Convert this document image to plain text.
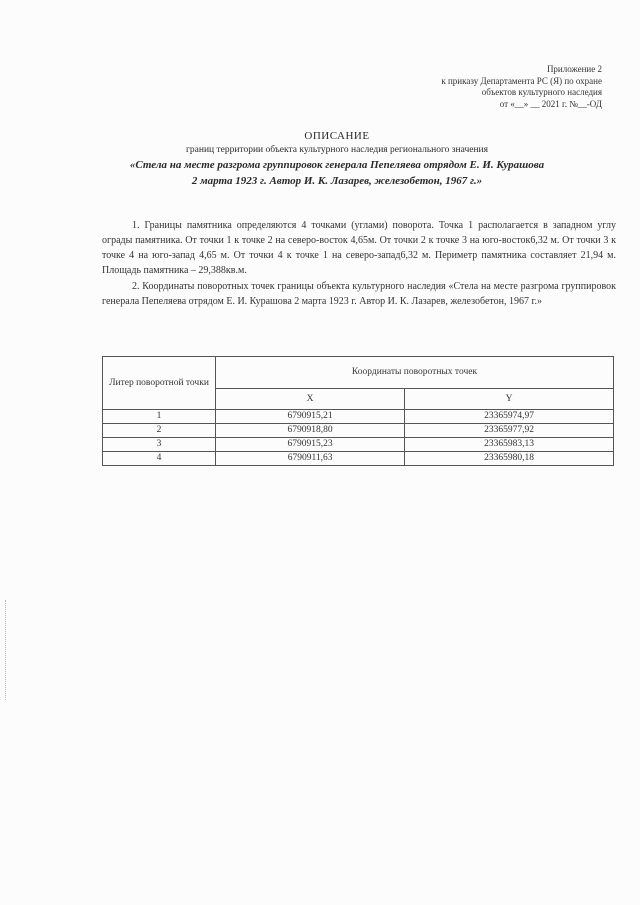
Приложение 2
к приказу Департамента РС (Я) по охране
объектов культурного наследия
от «__» __ 2021 г. №__-ОД
ОПИСАНИЕ
границ территории объекта культурного наследия регионального значения
«Стела на месте разгрома группировок генерала Пепеляева отрядом Е. И. Курашова
2 марта 1923 г. Автор И. К. Лазарев, железобетон, 1967 г.»

1. Границы памятника определяются 4 точками (углами) поворота. Точка 1 располагается в западном углу ограды памятника. От точки 1 к точке 2 на северо-восток 4,65м. От точки 2 к точке 3 на юго-восток6,32 м. От точки 3 к точке 4 на юго-запад 4,65 м. От точки 4 к точке 1 на северо-запад6,32 м. Периметр памятника составляет 21,94 м. Площадь памятника – 29,388кв.м.

2. Координаты поворотных точек границы объекта культурного наследия «Стела на месте разгрома группировок генерала Пепеляева отрядом Е. И. Курашова 2 марта 1923 г. Автор И. К. Лазарев, железобетон, 1967 г.»

Литер поворотной точки	Координаты поворотных точек	
	X	Y
1	6790915,21	23365974,97
2	6790918,80	23365977,92
3	6790915,23	23365983,13
4	6790911,63	23365980,18
